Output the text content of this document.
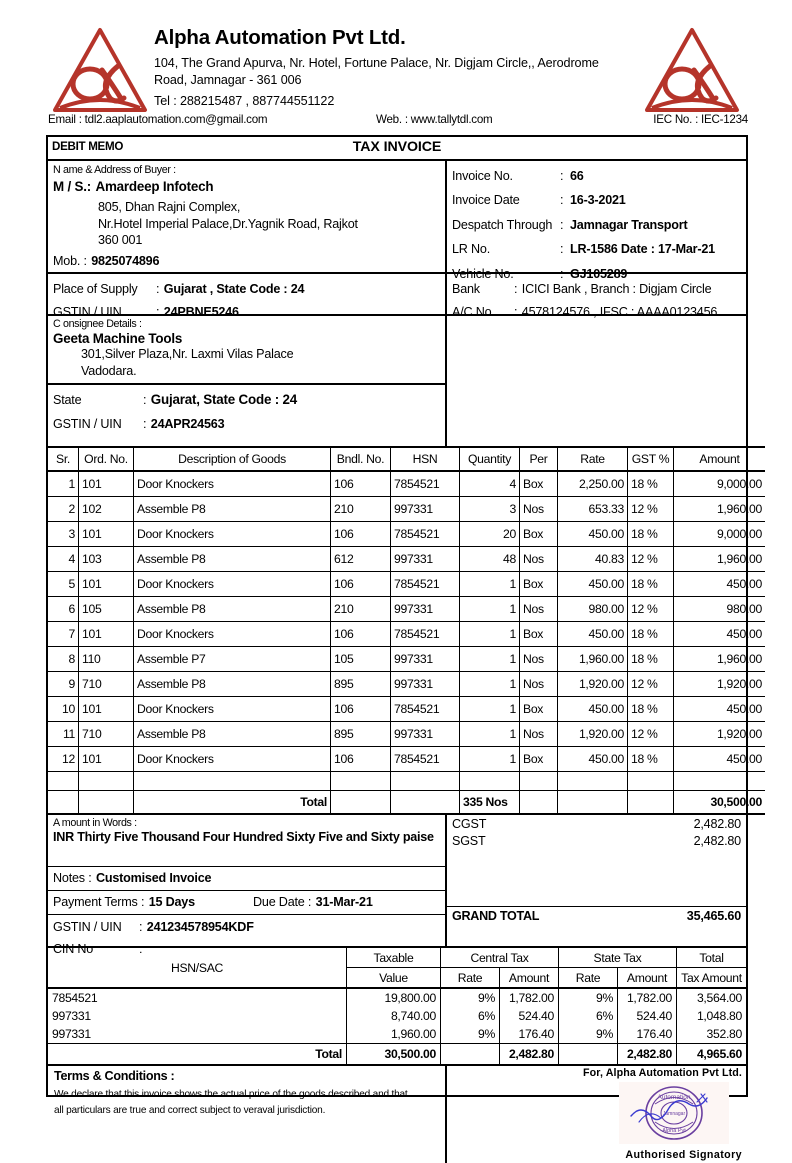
Alpha Automation Pvt Ltd.
104, The Grand Apurva, Nr. Hotel, Fortune Palace, Nr. Digjam Circle,, Aerodrome
Road, Jamnagar - 361 006
Tel : 288215487 , 887744551122
Email : tdl2.aaplautomation.com@gmail.com	Web. : www.tallytdl.com	IEC No. : IEC-1234
DEBIT MEMO	TAX INVOICE
N ame & Address of Buyer :
M / S.: Amardeep Infotech
805, Dhan Rajni Complex,
Nr.Hotel Imperial Palace,Dr.Yagnik Road, Rajkot
360 001
Mob. : 9825074896
Place of Supply : Gujarat , State Code : 24
GSTIN / UIN	: 24PBNE5246
C onsignee Details :
Geeta Machine Tools
301,Silver Plaza,Nr. Laxmi Vilas Palace
Vadodara.
State	: Gujarat, State Code : 24
GSTIN / UIN : 24APR24563
Invoice No.	: 66
Invoice Date	: 16-3-2021
Despatch Through : Jamnagar Transport
LR No.	: LR-1586 Date : 17-Mar-21
Vehicle No.	: GJ105289
Bank	: ICICI Bank , Branch : Digjam Circle
A/C No. : 4578124576 , IFSC : AAAA0123456
Sr.	Ord. No.	Description of Goods	Bndl. No.	HSN	Quantity	Per	Rate	GST %	Amount
1	101	Door Knockers	106	7854521	4	Box	2,250.00	18 %	9,000.00
2	102	Assemble P8	210	997331	3	Nos	653.33	12 %	1,960.00
3	101	Door Knockers	106	7854521	20	Box	450.00	18 %	9,000.00
4	103	Assemble P8	612	997331	48	Nos	40.83	12 %	1,960.00
5	101	Door Knockers	106	7854521	1	Box	450.00	18 %	450.00
6	105	Assemble P8	210	997331	1	Nos	980.00	12 %	980.00
7	101	Door Knockers	106	7854521	1	Box	450.00	18 %	450.00
8	110	Assemble P7	105	997331	1	Nos	1,960.00	18 %	1,960.00
9	710	Assemble P8	895	997331	1	Nos	1,920.00	12 %	1,920.00
10	101	Door Knockers	106	7854521	1	Box	450.00	18 %	450.00
11	710	Assemble P8	895	997331	1	Nos	1,920.00	12 %	1,920.00
12	101	Door Knockers	106	7854521	1	Box	450.00	18 %	450.00

		Total			335 Nos				30,500.00
A mount in Words :
INR Thirty Five Thousand Four Hundred Sixty Five and Sixty paise
Notes : Customised Invoice
Payment Terms : 15 Days	Due Date : 31-Mar-21
GSTIN / UIN : 241234578954KDF
CIN No	:
CGST	2,482.80
SGST	2,482.80
GRAND TOTAL	35,465.60
HSN/SAC	Taxable	Central Tax		State Tax		Total
	Value	Rate	Amount	Rate	Amount	Tax Amount
7854521	19,800.00	9%	1,782.00	9%	1,782.00	3,564.00
997331	8,740.00	6%	524.40	6%	524.40	1,048.80
997331	1,960.00	9%	176.40	9%	176.40	352.80
Total	30,500.00		2,482.80		2,482.80	4,965.60
Terms & Conditions :
We declare that this invoice shows the actual price of the goods described and that
all particulars are true and correct subject to veraval jurisdiction.
For, Alpha Automation Pvt Ltd.
Automation
Jamnagar
Alpha Pvt
Authorised Signatory
